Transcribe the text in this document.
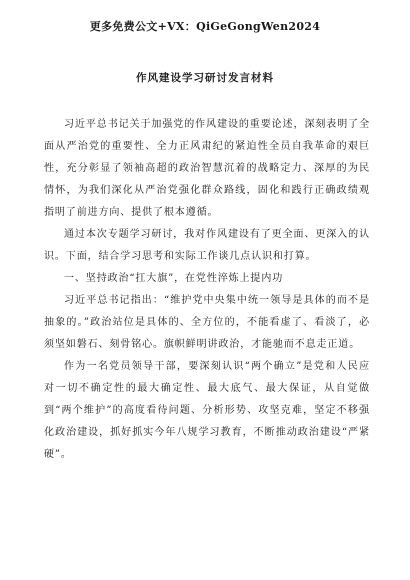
更多免费公文+VX：QiGeGongWen2024
作风建设学习研讨发言材料

习近平总书记关于加强党的作风建设的重要论述，深刻表明了全面从严治党的重要性、全力正风肃纪的紧迫性全员自我革命的艰巨性，充分彰显了领袖高超的政治智慧沉着的战略定力、深厚的为民情怀，为我们深化从严治党强化群众路线，固化和践行正确政绩观指明了前进方向、提供了根本遵循。

通过本次专题学习研讨，我对作风建设有了更全面、更深入的认识。下面，结合学习思考和实际工作谈几点认识和打算。

一、坚持政治“扛大旗”，在党性淬炼上提内功

习近平总书记指出：“维护党中央集中统一领导是具体的而不是抽象的。”政治站位是具体的、全方位的，不能看虚了、看淡了，必须坚如磐石、刻骨铭心。旗帜鲜明讲政治，才能驰而不息走正道。

作为一名党员领导干部，要深刻认识“两个确立”是党和人民应对一切不确定性的最大确定性、最大底气、最大保证，从自觉做到“两个维护”的高度看待问题、分析形势、攻坚克难，坚定不移强化政治建设，抓好抓实今年八规学习教育，不断推动政治建设“严紧硬”。
